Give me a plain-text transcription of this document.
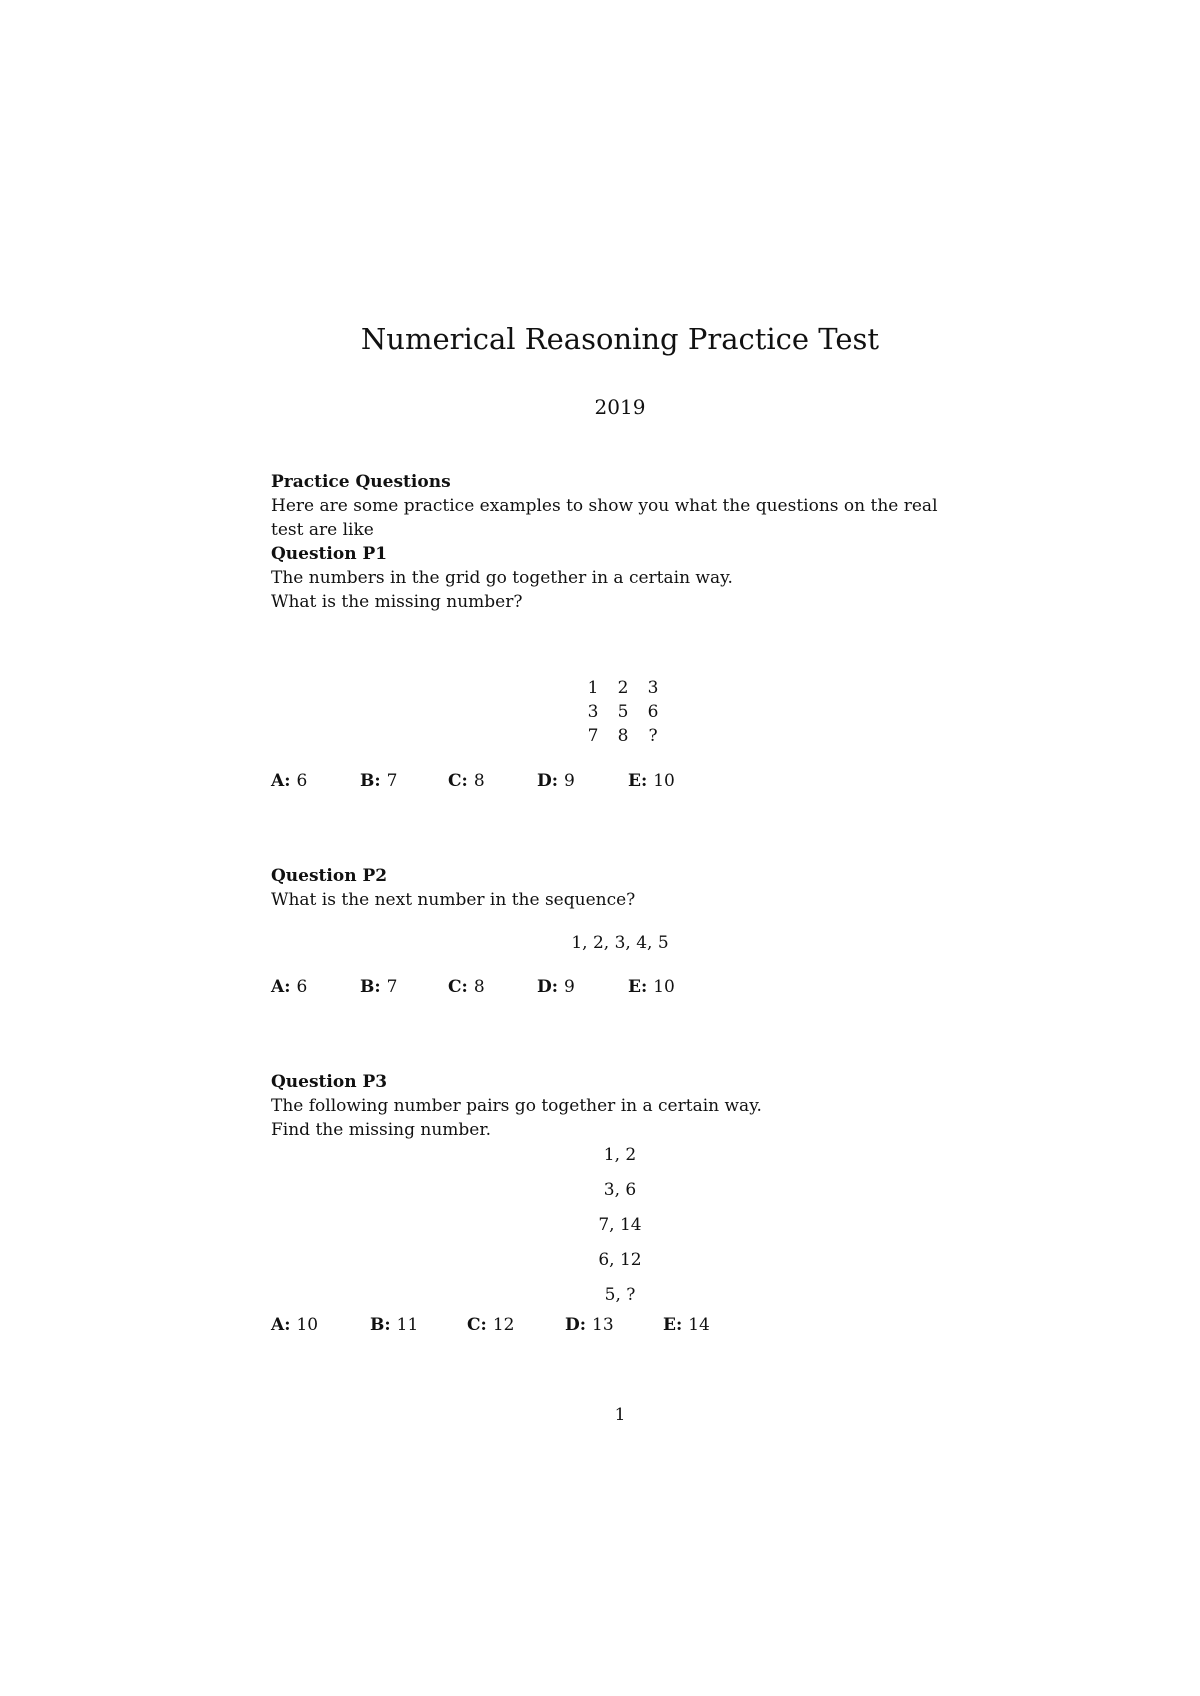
Numerical Reasoning Practice Test
2019
Practice Questions
Here are some practice examples to show you what the questions on the real
test are like
Question P1
The numbers in the grid go together in a certain way.
What is the missing number?
1	2	3
3	5	6
7	8	?
A: 6	B: 7	C: 8	D: 9	E: 10
Question P2
What is the next number in the sequence?
1, 2, 3, 4, 5
A: 6	B: 7	C: 8	D: 9	E: 10
Question P3
The following number pairs go together in a certain way.
Find the missing number.
1, 2
3, 6
7, 14
6, 12
5, ?
A: 10	B: 11	C: 12	D: 13	E: 14
1
